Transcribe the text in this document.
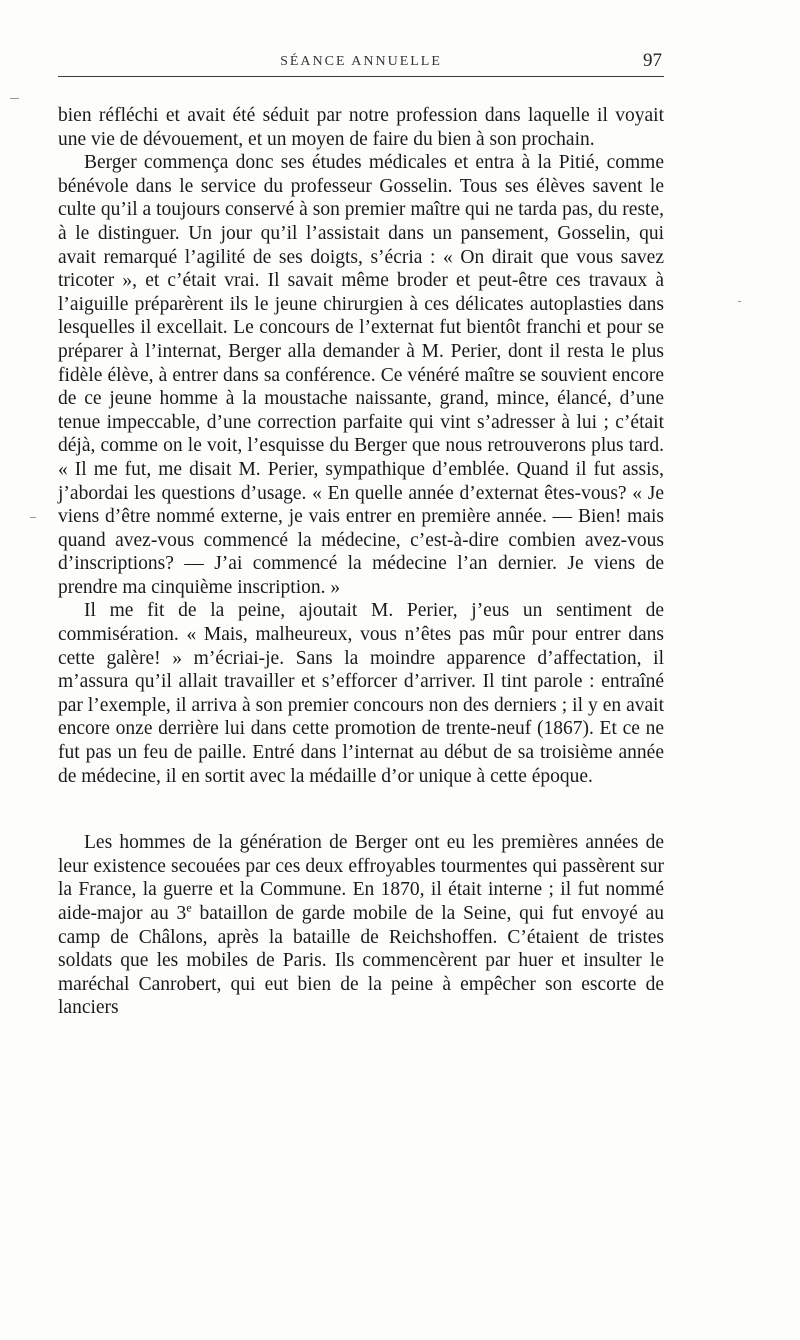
SÉANCE ANNUELLE	97

bien réfléchi et avait été séduit par notre profession dans laquelle il voyait une vie de dévouement, et un moyen de faire du bien à son prochain.

Berger commença donc ses études médicales et entra à la Pitié, comme bénévole dans le service du professeur Gosselin. Tous ses élèves savent le culte qu’il a toujours conservé à son premier maître qui ne tarda pas, du reste, à le distinguer. Un jour qu’il l’assistait dans un pansement, Gosselin, qui avait remarqué l’agilité de ses doigts, s’écria : « On dirait que vous savez tricoter », et c’était vrai. Il savait même broder et peut-être ces travaux à l’aiguille préparèrent ils le jeune chirurgien à ces délicates autoplasties dans lesquelles il excellait. Le concours de l’externat fut bientôt franchi et pour se préparer à l’internat, Berger alla demander à M. Perier, dont il resta le plus fidèle élève, à entrer dans sa conférence. Ce vénéré maître se souvient encore de ce jeune homme à la moustache naissante, grand, mince, élancé, d’une tenue impeccable, d’une correction parfaite qui vint s’adresser à lui ; c’était déjà, comme on le voit, l’esquisse du Berger que nous retrouverons plus tard. « Il me fut, me disait M. Perier, sympathique d’emblée. Quand il fut assis, j’abordai les questions d’usage. « En quelle année d’externat êtes-vous? « Je viens d’être nommé externe, je vais entrer en première année. — Bien! mais quand avez-vous commencé la médecine, c’est-à-dire combien avez-vous d’inscriptions? — J’ai commencé la médecine l’an dernier. Je viens de prendre ma cinquième inscription. »

Il me fit de la peine, ajoutait M. Perier, j’eus un sentiment de commisération. « Mais, malheureux, vous n’êtes pas mûr pour entrer dans cette galère! » m’écriai-je. Sans la moindre apparence d’affectation, il m’assura qu’il allait travailler et s’efforcer d’arriver. Il tint parole : entraîné par l’exemple, il arriva à son premier concours non des derniers ; il y en avait encore onze derrière lui dans cette promotion de trente-neuf (1867). Et ce ne fut pas un feu de paille. Entré dans l’internat au début de sa troisième année de médecine, il en sortit avec la médaille d’or unique à cette époque.

Les hommes de la génération de Berger ont eu les premières années de leur existence secouées par ces deux effroyables tourmentes qui passèrent sur la France, la guerre et la Commune. En 1870, il était interne ; il fut nommé aide-major au 3e bataillon de garde mobile de la Seine, qui fut envoyé au camp de Châlons, après la bataille de Reichshoffen. C’étaient de tristes soldats que les mobiles de Paris. Ils commencèrent par huer et insulter le maréchal Canrobert, qui eut bien de la peine à empêcher son escorte de lanciers
